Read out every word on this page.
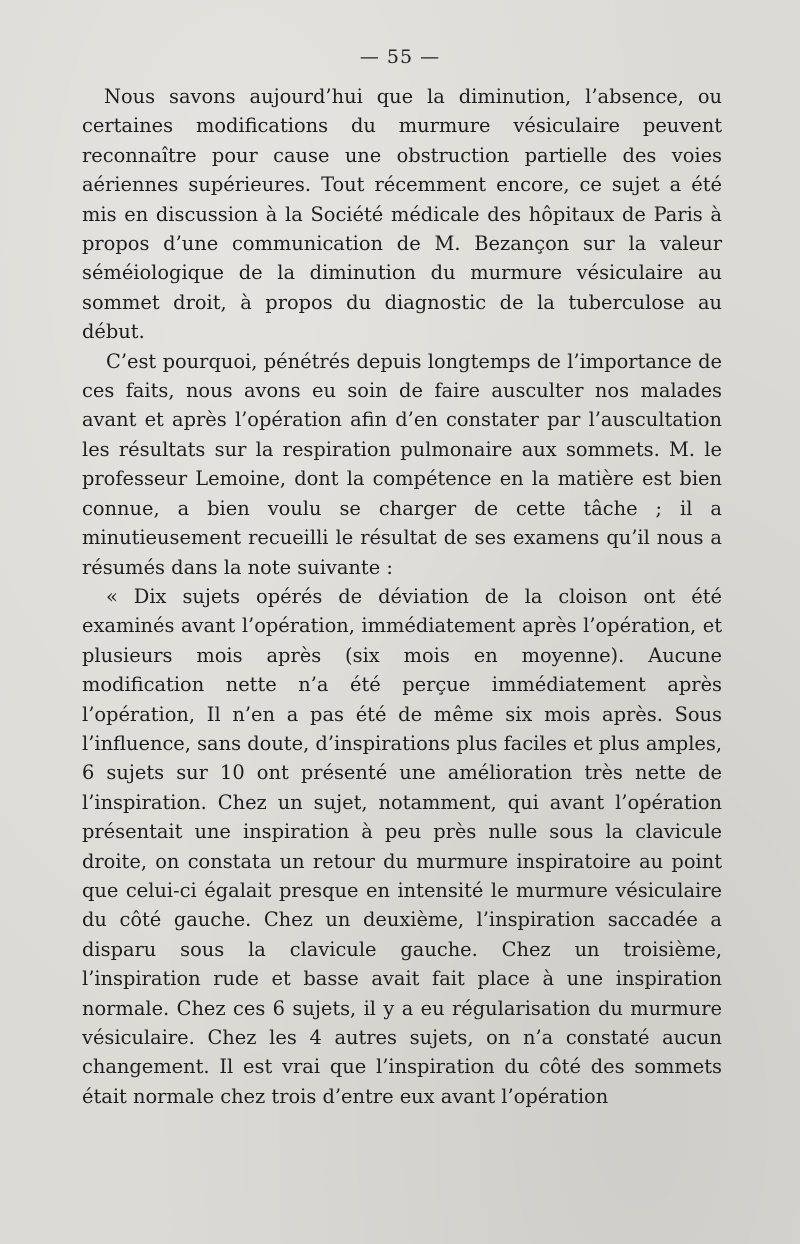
— 55 —

Nous savons aujourd’hui que la diminution, l’absence, ou certaines modifications du murmure vésiculaire peuvent reconnaître pour cause une obstruction partielle des voies aériennes supérieures. Tout récemment encore, ce sujet a été mis en discussion à la Société médicale des hôpitaux de Paris à propos d’une communication de M. Bezançon sur la valeur séméiologique de la diminution du murmure vésiculaire au sommet droit, à propos du diagnostic de la tuberculose au début.

C’est pourquoi, pénétrés depuis longtemps de l’importance de ces faits, nous avons eu soin de faire ausculter nos malades avant et après l’opération afin d’en constater par l’auscultation les résultats sur la respiration pulmonaire aux sommets. M. le professeur Lemoine, dont la compétence en la matière est bien connue, a bien voulu se charger de cette tâche ; il a minutieusement recueilli le résultat de ses examens qu’il nous a résumés dans la note suivante :

« Dix sujets opérés de déviation de la cloison ont été examinés avant l’opération, immédiatement après l’opération, et plusieurs mois après (six mois en moyenne). Aucune modification nette n’a été perçue immédiatement après l’opération, Il n’en a pas été de même six mois après. Sous l’influence, sans doute, d’inspirations plus faciles et plus amples, 6 sujets sur 10 ont présenté une amélioration très nette de l’inspiration. Chez un sujet, notamment, qui avant l’opération présentait une inspiration à peu près nulle sous la clavicule droite, on constata un retour du murmure inspiratoire au point que celui-ci égalait presque en intensité le murmure vésiculaire du côté gauche. Chez un deuxième, l’inspiration saccadée a disparu sous la clavicule gauche. Chez un troisième, l’inspiration rude et basse avait fait place à une inspiration normale. Chez ces 6 sujets, il y a eu régularisation du murmure vésiculaire. Chez les 4 autres sujets, on n’a constaté aucun changement. Il est vrai que l’inspiration du côté des sommets était normale chez trois d’entre eux avant l’opération
